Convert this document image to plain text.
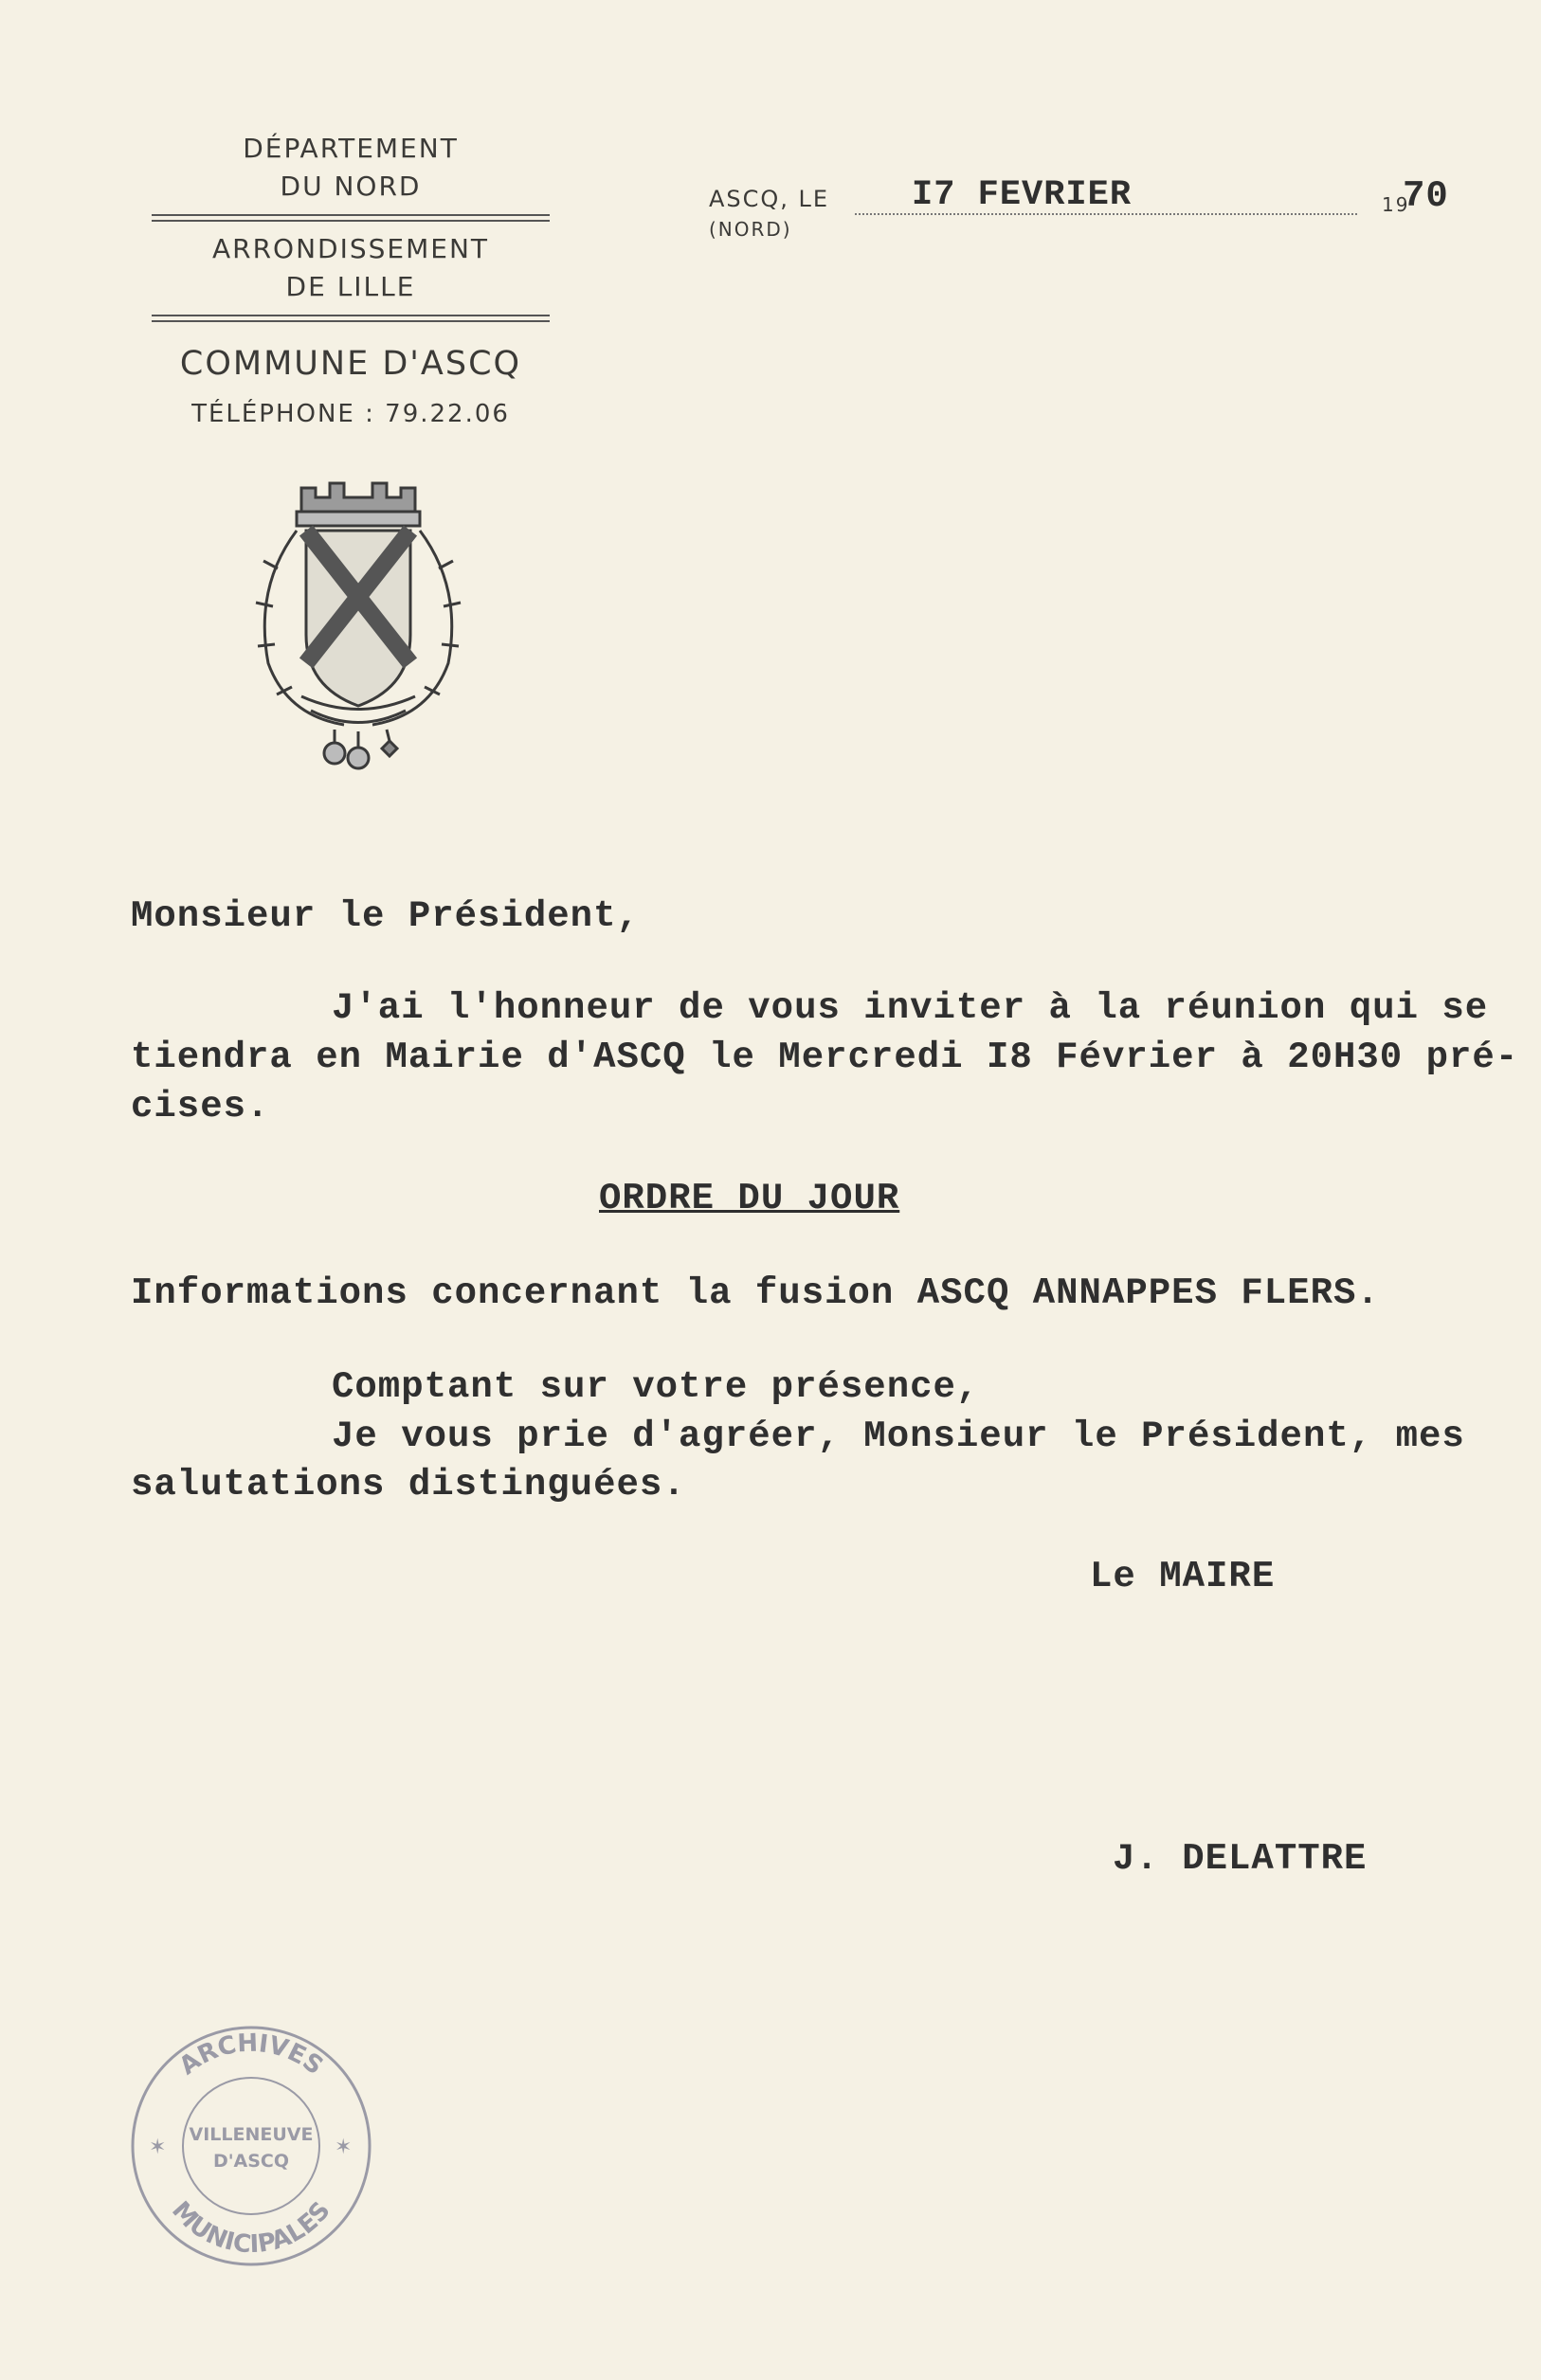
DÉPARTEMENT
DU NORD
ARRONDISSEMENT
DE LILLE
COMMUNE D'ASCQ
TÉLÉPHONE : 79.22.06
ASCQ, LE
(NORD)
I7 FEVRIER	19
70
Monsieur le Président,
J'ai l'honneur de vous inviter à la réunion qui se
tiendra en Mairie d'ASCQ le Mercredi I8 Février à 20H30 pré-
cises.
ORDRE DU JOUR
Informations concernant la fusion ASCQ ANNAPPES FLERS.
Comptant sur votre présence,
Je vous prie d'agréer, Monsieur le Président, mes
salutations distinguées.
Le MAIRE
J. DELATTRE
ARCHIVES
MUNICIPALES
VILLENEUVE
D'ASCQ
✶	✶
